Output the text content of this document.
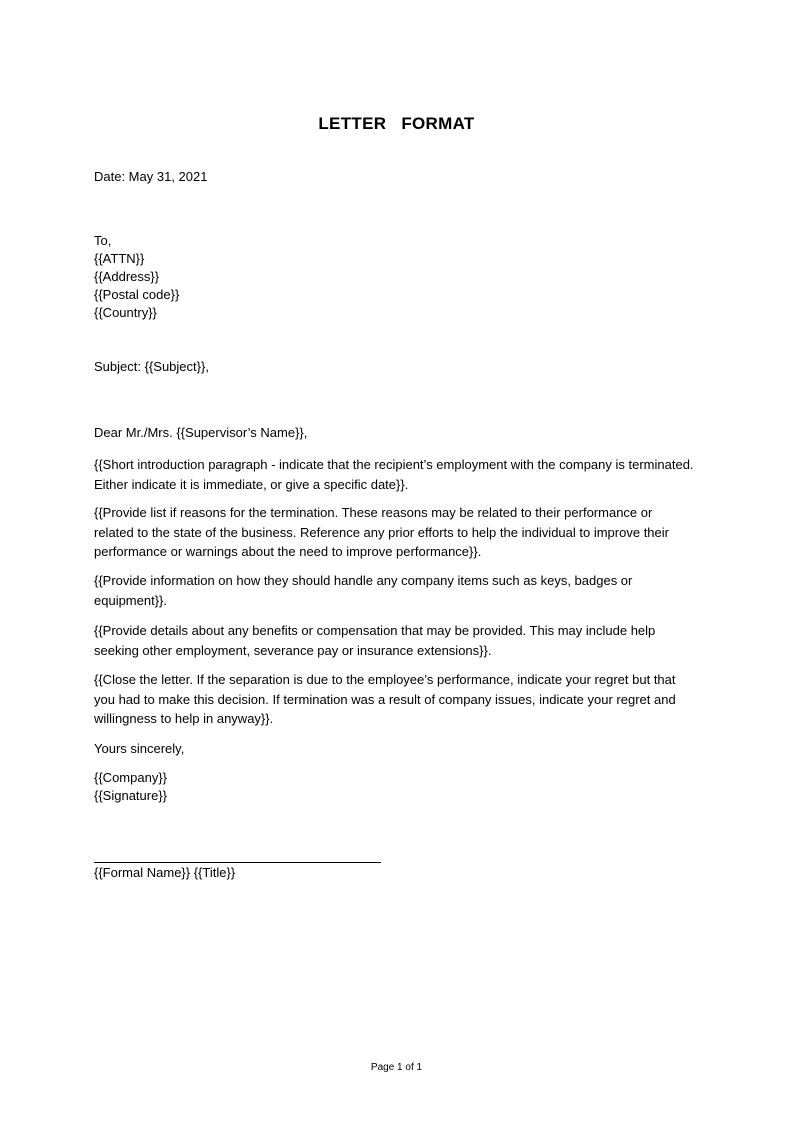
LETTER   FORMAT
Date: May 31, 2021
To,
{{ATTN}}
{{Address}}
{{Postal code}}
{{Country}}
Subject: {{Subject}},
Dear Mr./Mrs. {{Supervisor’s Name}},
{{Short introduction paragraph - indicate that the recipient’s employment with the company is terminated. Either indicate it is immediate, or give a specific date}}.
{{Provide list if reasons for the termination. These reasons may be related to their performance or related to the state of the business. Reference any prior efforts to help the individual to improve their performance or warnings about the need to improve performance}}.
{{Provide information on how they should handle any company items such as keys, badges or equipment}}.
{{Provide details about any benefits or compensation that may be provided. This may include help seeking other employment, severance pay or insurance extensions}}.
{{Close the letter. If the separation is due to the employee’s performance, indicate your regret but that you had to make this decision. If termination was a result of company issues, indicate your regret and willingness to help in anyway}}.
Yours sincerely,
{{Company}}
{{Signature}}
{{Formal Name}} {{Title}}
Page 1 of 1
